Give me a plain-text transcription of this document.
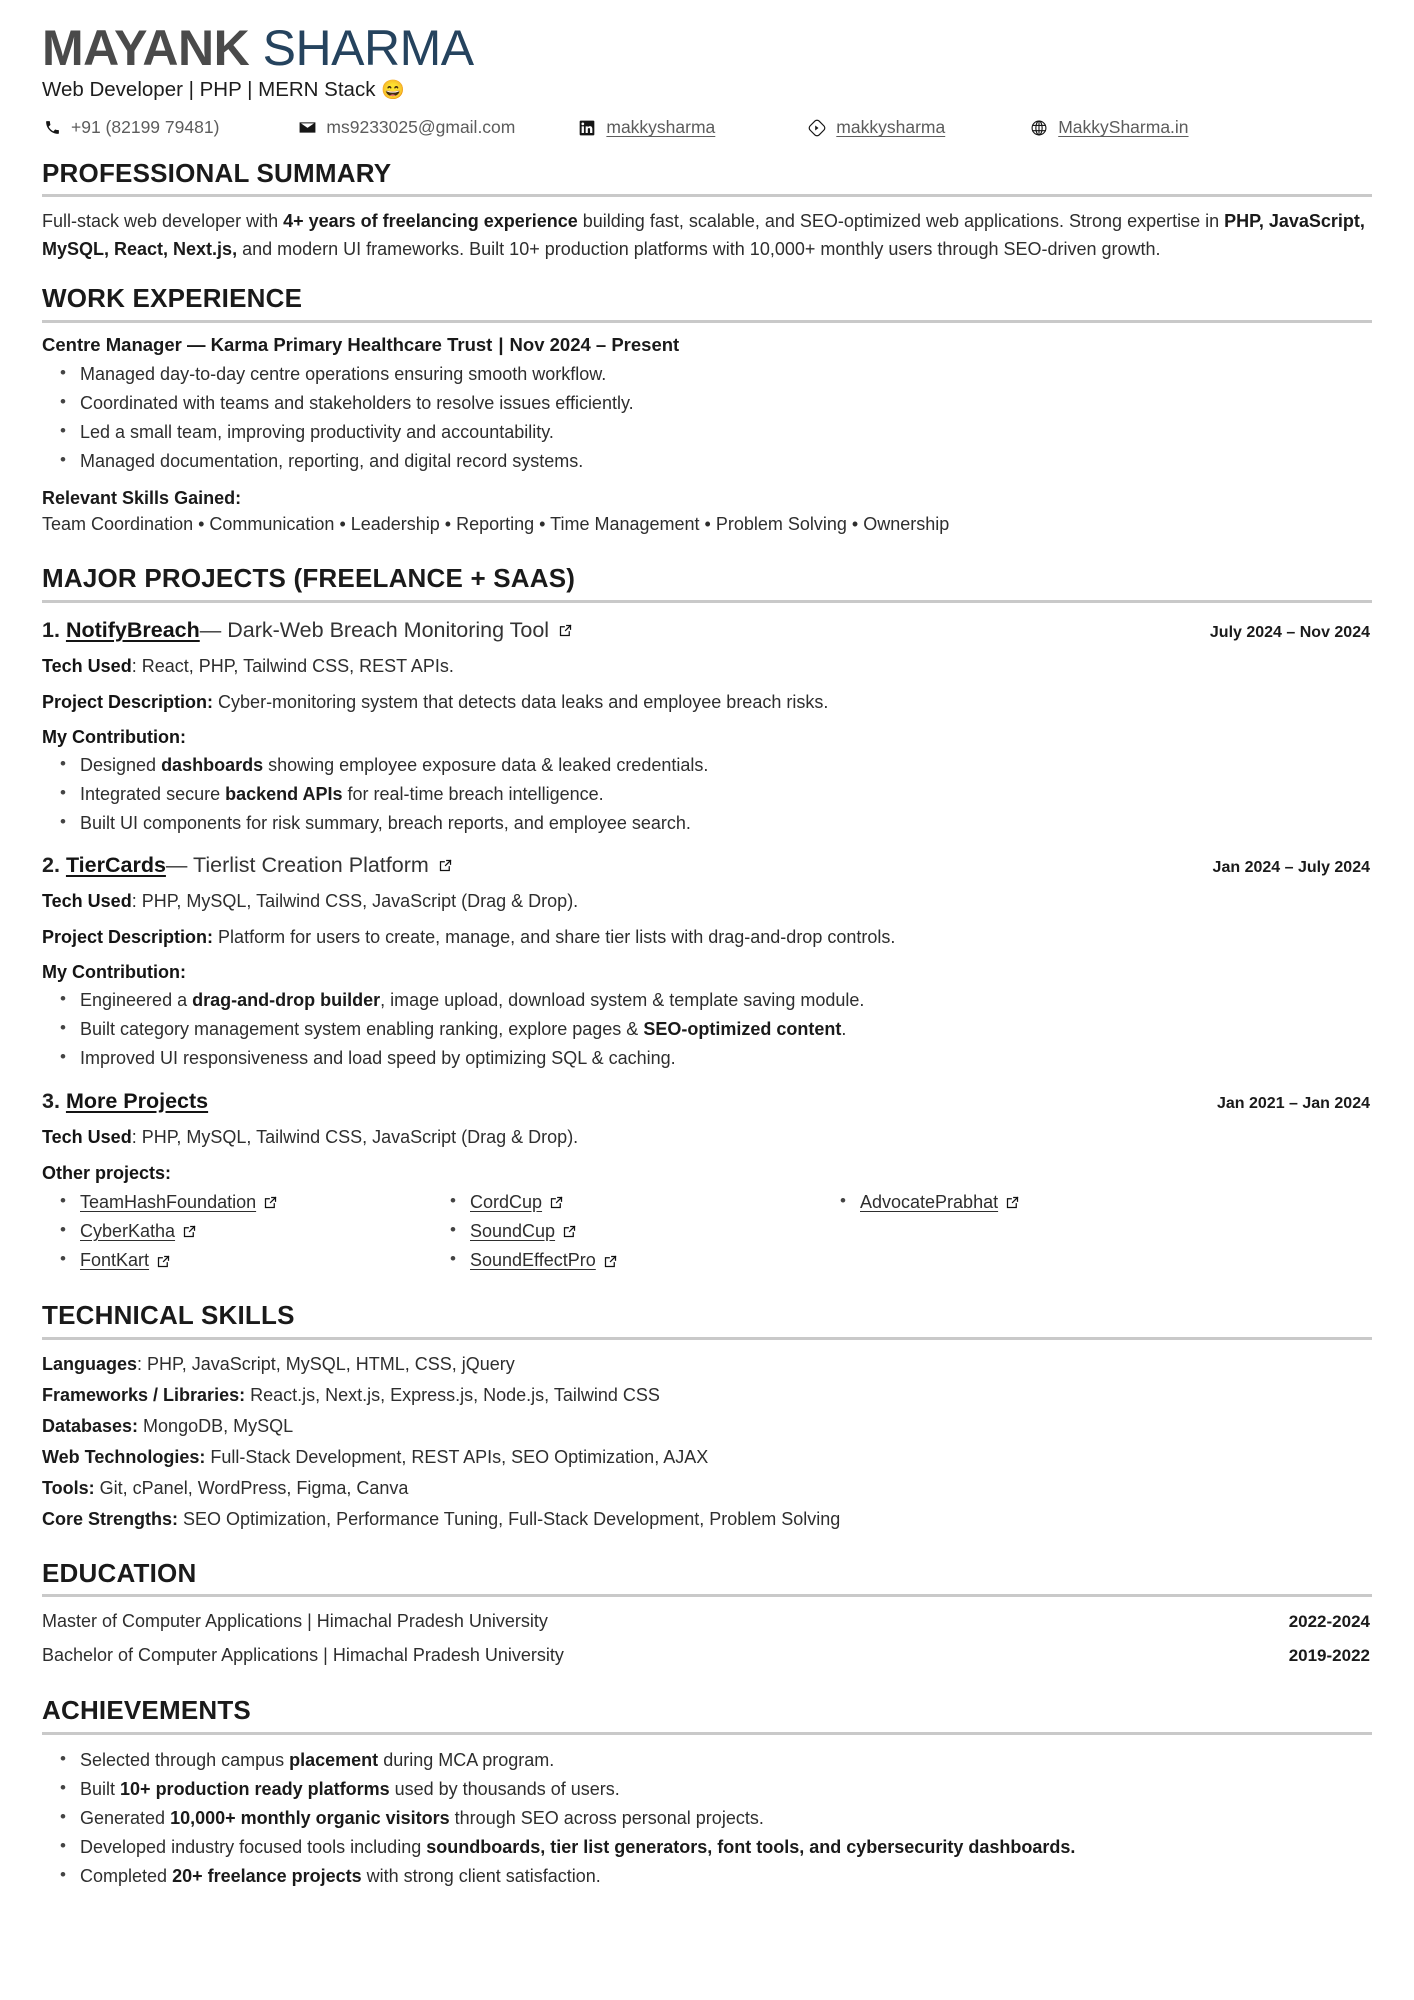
MAYANK SHARMA
Web Developer | PHP | MERN Stack 😄
+91 (82199 79481)	ms9233025@gmail.com	makkysharma	makkysharma	MakkySharma.in
PROFESSIONAL SUMMARY

Full-stack web developer with 4+ years of freelancing experience building fast, scalable, and SEO-optimized web applications. Strong expertise in PHP, JavaScript, MySQL, React, Next.js, and modern UI frameworks. Built 10+ production platforms with 10,000+ monthly users through SEO-driven growth.

WORK EXPERIENCE
Centre Manager — Karma Primary Healthcare Trust | Nov 2024 – Present
• Managed day-to-day centre operations ensuring smooth workflow.
• Coordinated with teams and stakeholders to resolve issues efficiently.
• Led a small team, improving productivity and accountability.
• Managed documentation, reporting, and digital record systems.
Relevant Skills Gained:
Team Coordination • Communication • Leadership • Reporting • Time Management • Problem Solving • Ownership
MAJOR PROJECTS (FREELANCE + SAAS)
1. NotifyBreach — Dark-Web Breach Monitoring Tool	July 2024 – Nov 2024
Tech Used: React, PHP, Tailwind CSS, REST APIs.
Project Description: Cyber-monitoring system that detects data leaks and employee breach risks.
My Contribution:
• Designed dashboards showing employee exposure data & leaked credentials.
• Integrated secure backend APIs for real-time breach intelligence.
• Built UI components for risk summary, breach reports, and employee search.
2. TierCards — Tierlist Creation Platform	Jan 2024 – July 2024
Tech Used: PHP, MySQL, Tailwind CSS, JavaScript (Drag & Drop).
Project Description: Platform for users to create, manage, and share tier lists with drag-and-drop controls.
My Contribution:
• Engineered a drag-and-drop builder, image upload, download system & template saving module.
• Built category management system enabling ranking, explore pages & SEO-optimized content.
• Improved UI responsiveness and load speed by optimizing SQL & caching.
3. More Projects	Jan 2021 – Jan 2024
Tech Used: PHP, MySQL, Tailwind CSS, JavaScript (Drag & Drop).
Other projects:
• TeamHashFoundation
• CyberKatha
• FontKart
• CordCup
• SoundCup
• SoundEffectPro
• AdvocatePrabhat
TECHNICAL SKILLS
Languages: PHP, JavaScript, MySQL, HTML, CSS, jQuery
Frameworks / Libraries: React.js, Next.js, Express.js, Node.js, Tailwind CSS
Databases: MongoDB, MySQL
Web Technologies: Full-Stack Development, REST APIs, SEO Optimization, AJAX
Tools: Git, cPanel, WordPress, Figma, Canva
Core Strengths: SEO Optimization, Performance Tuning, Full-Stack Development, Problem Solving
EDUCATION
Master of Computer Applications | Himachal Pradesh University	2022-2024
Bachelor of Computer Applications | Himachal Pradesh University	2019-2022
ACHIEVEMENTS
• Selected through campus placement during MCA program.
• Built 10+ production ready platforms used by thousands of users.
• Generated 10,000+ monthly organic visitors through SEO across personal projects.
• Developed industry focused tools including soundboards, tier list generators, font tools, and cybersecurity dashboards.
• Completed 20+ freelance projects with strong client satisfaction.
